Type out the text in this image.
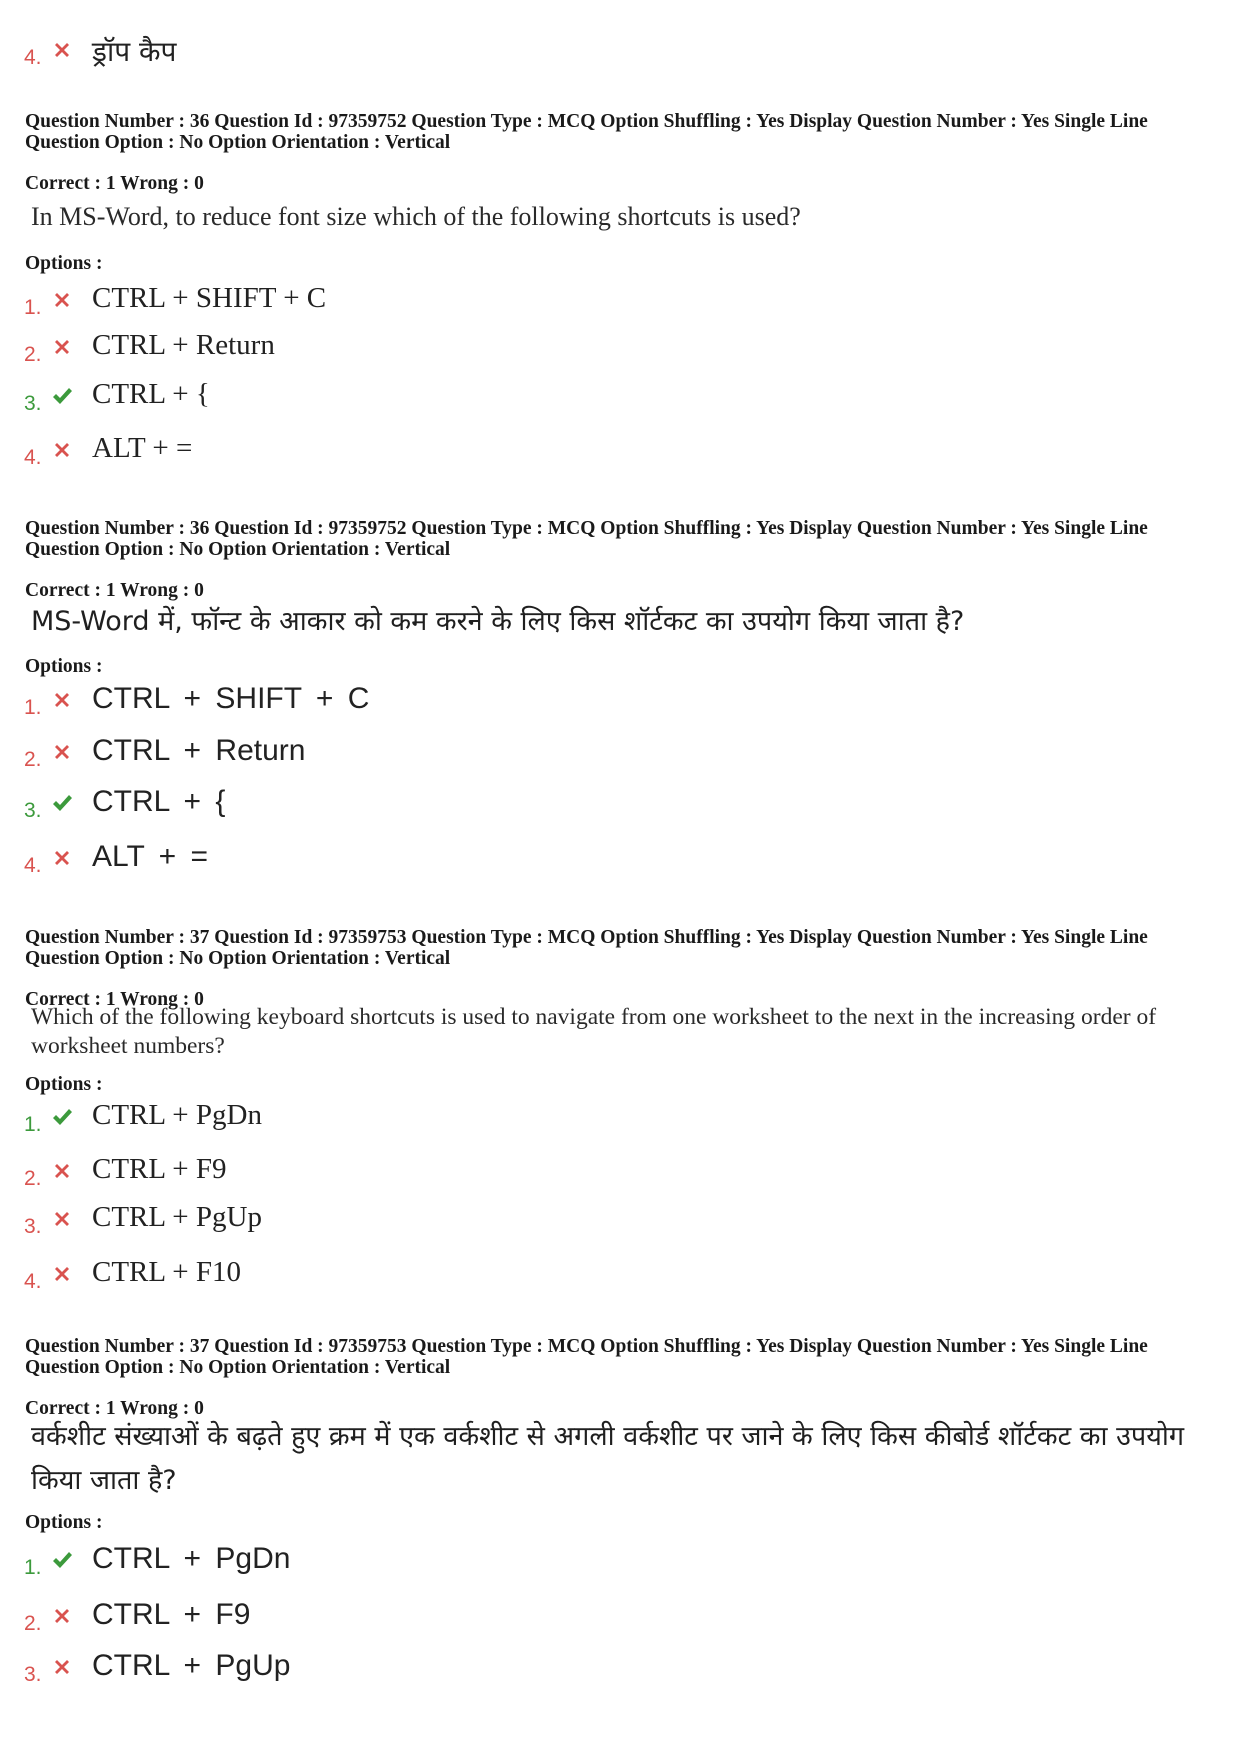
4. ड्रॉप कैप
Question Number : 36 Question Id : 97359752 Question Type : MCQ Option Shuffling : Yes Display Question Number : Yes Single Line Question Option : No Option Orientation : Vertical
Correct : 1 Wrong : 0
In MS-Word, to reduce font size which of the following shortcuts is used?
Options :
1. CTRL + SHIFT + C
2. CTRL + Return
3. CTRL + {
4. ALT + =
Question Number : 36 Question Id : 97359752 Question Type : MCQ Option Shuffling : Yes Display Question Number : Yes Single Line Question Option : No Option Orientation : Vertical
Correct : 1 Wrong : 0
MS-Word में, फॉन्ट के आकार को कम करने के लिए किस शॉर्टकट का उपयोग किया जाता है?
Options :
1. CTRL + SHIFT + C
2. CTRL + Return
3. CTRL + {
4. ALT + =
Question Number : 37 Question Id : 97359753 Question Type : MCQ Option Shuffling : Yes Display Question Number : Yes Single Line Question Option : No Option Orientation : Vertical
Correct : 1 Wrong : 0
Which of the following keyboard shortcuts is used to navigate from one worksheet to the next in the increasing order of worksheet numbers?
Options :
1. CTRL + PgDn
2. CTRL + F9
3. CTRL + PgUp
4. CTRL + F10
Question Number : 37 Question Id : 97359753 Question Type : MCQ Option Shuffling : Yes Display Question Number : Yes Single Line Question Option : No Option Orientation : Vertical
Correct : 1 Wrong : 0
वर्कशीट संख्याओं के बढ़ते हुए क्रम में एक वर्कशीट से अगली वर्कशीट पर जाने के लिए किस कीबोर्ड शॉर्टकट का उपयोग किया जाता है?
Options :
1. CTRL + PgDn
2. CTRL + F9
3. CTRL + PgUp
